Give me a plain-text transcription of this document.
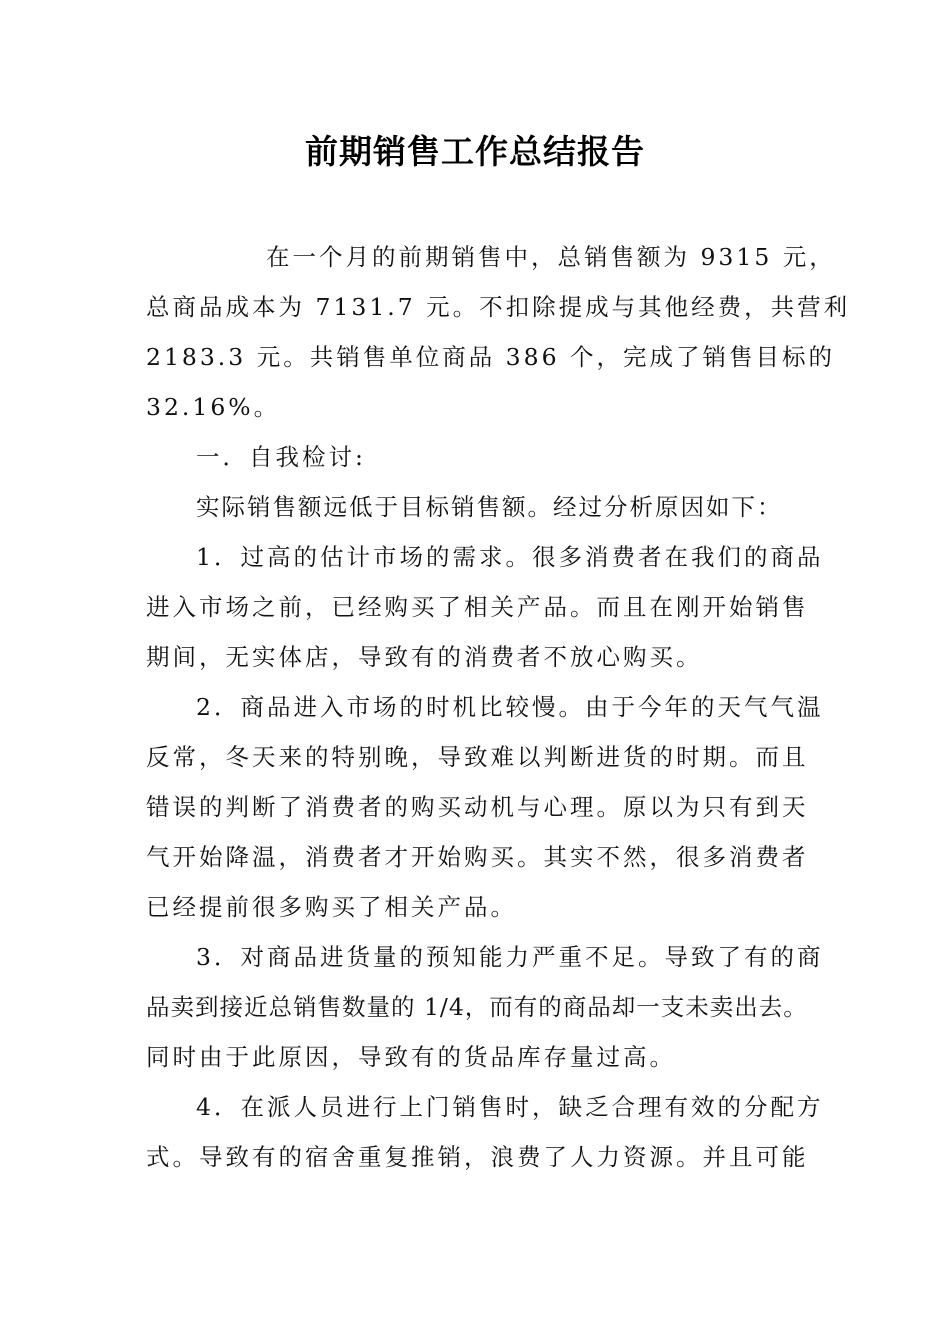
前期销售工作总结报告
在一个月的前期销售中，总销售额为 9315 元，
总商品成本为 7131.7 元。不扣除提成与其他经费，共营利
2183.3 元。共销售单位商品 386 个，完成了销售目标的
32.16%。
一．自我检讨:
实际销售额远低于目标销售额。经过分析原因如下：
1．过高的估计市场的需求。很多消费者在我们的商品
进入市场之前，已经购买了相关产品。而且在刚开始销售
期间，无实体店，导致有的消费者不放心购买。
2．商品进入市场的时机比较慢。由于今年的天气气温
反常，冬天来的特别晚，导致难以判断进货的时期。而且
错误的判断了消费者的购买动机与心理。原以为只有到天
气开始降温，消费者才开始购买。其实不然，很多消费者
已经提前很多购买了相关产品。
3．对商品进货量的预知能力严重不足。导致了有的商
品卖到接近总销售数量的 1/4，而有的商品却一支未卖出去。
同时由于此原因，导致有的货品库存量过高。
4．在派人员进行上门销售时，缺乏合理有效的分配方
式。导致有的宿舍重复推销，浪费了人力资源。并且可能
